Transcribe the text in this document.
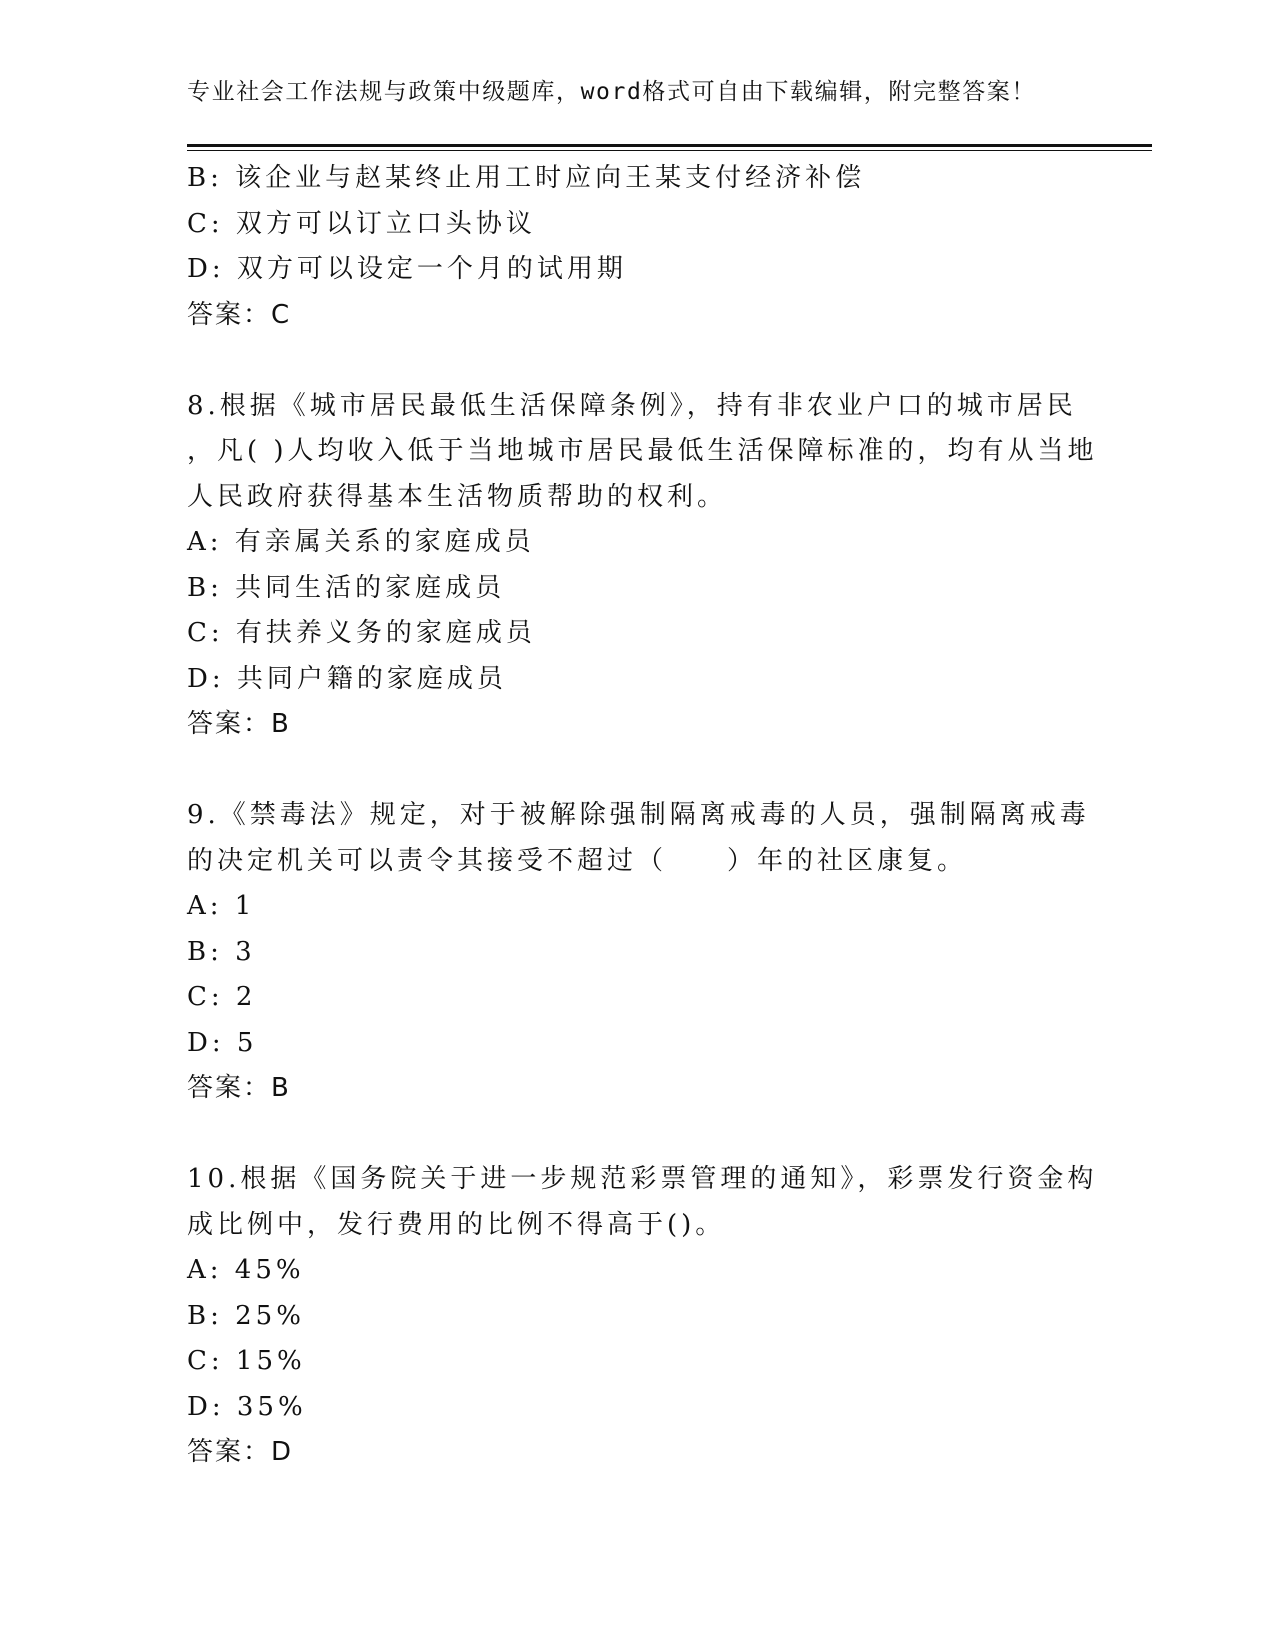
专业社会工作法规与政策中级题库，word格式可自由下载编辑，附完整答案！
B: 该企业与赵某终止用工时应向王某支付经济补偿
C: 双方可以订立口头协议
D: 双方可以设定一个月的试用期
答案：C
8.根据《城市居民最低生活保障条例》，持有非农业户口的城市居民
，凡( )人均收入低于当地城市居民最低生活保障标准的，均有从当地
人民政府获得基本生活物质帮助的权利。
A: 有亲属关系的家庭成员
B: 共同生活的家庭成员
C: 有扶养义务的家庭成员
D: 共同户籍的家庭成员
答案：B
9.《禁毒法》规定，对于被解除强制隔离戒毒的人员，强制隔离戒毒
的决定机关可以责令其接受不超过（　　）年的社区康复。
A: 1
B: 3
C: 2
D: 5
答案：B
10.根据《国务院关于进一步规范彩票管理的通知》，彩票发行资金构
成比例中，发行费用的比例不得高于()。
A: 45%
B: 25%
C: 15%
D: 35%
答案：D
